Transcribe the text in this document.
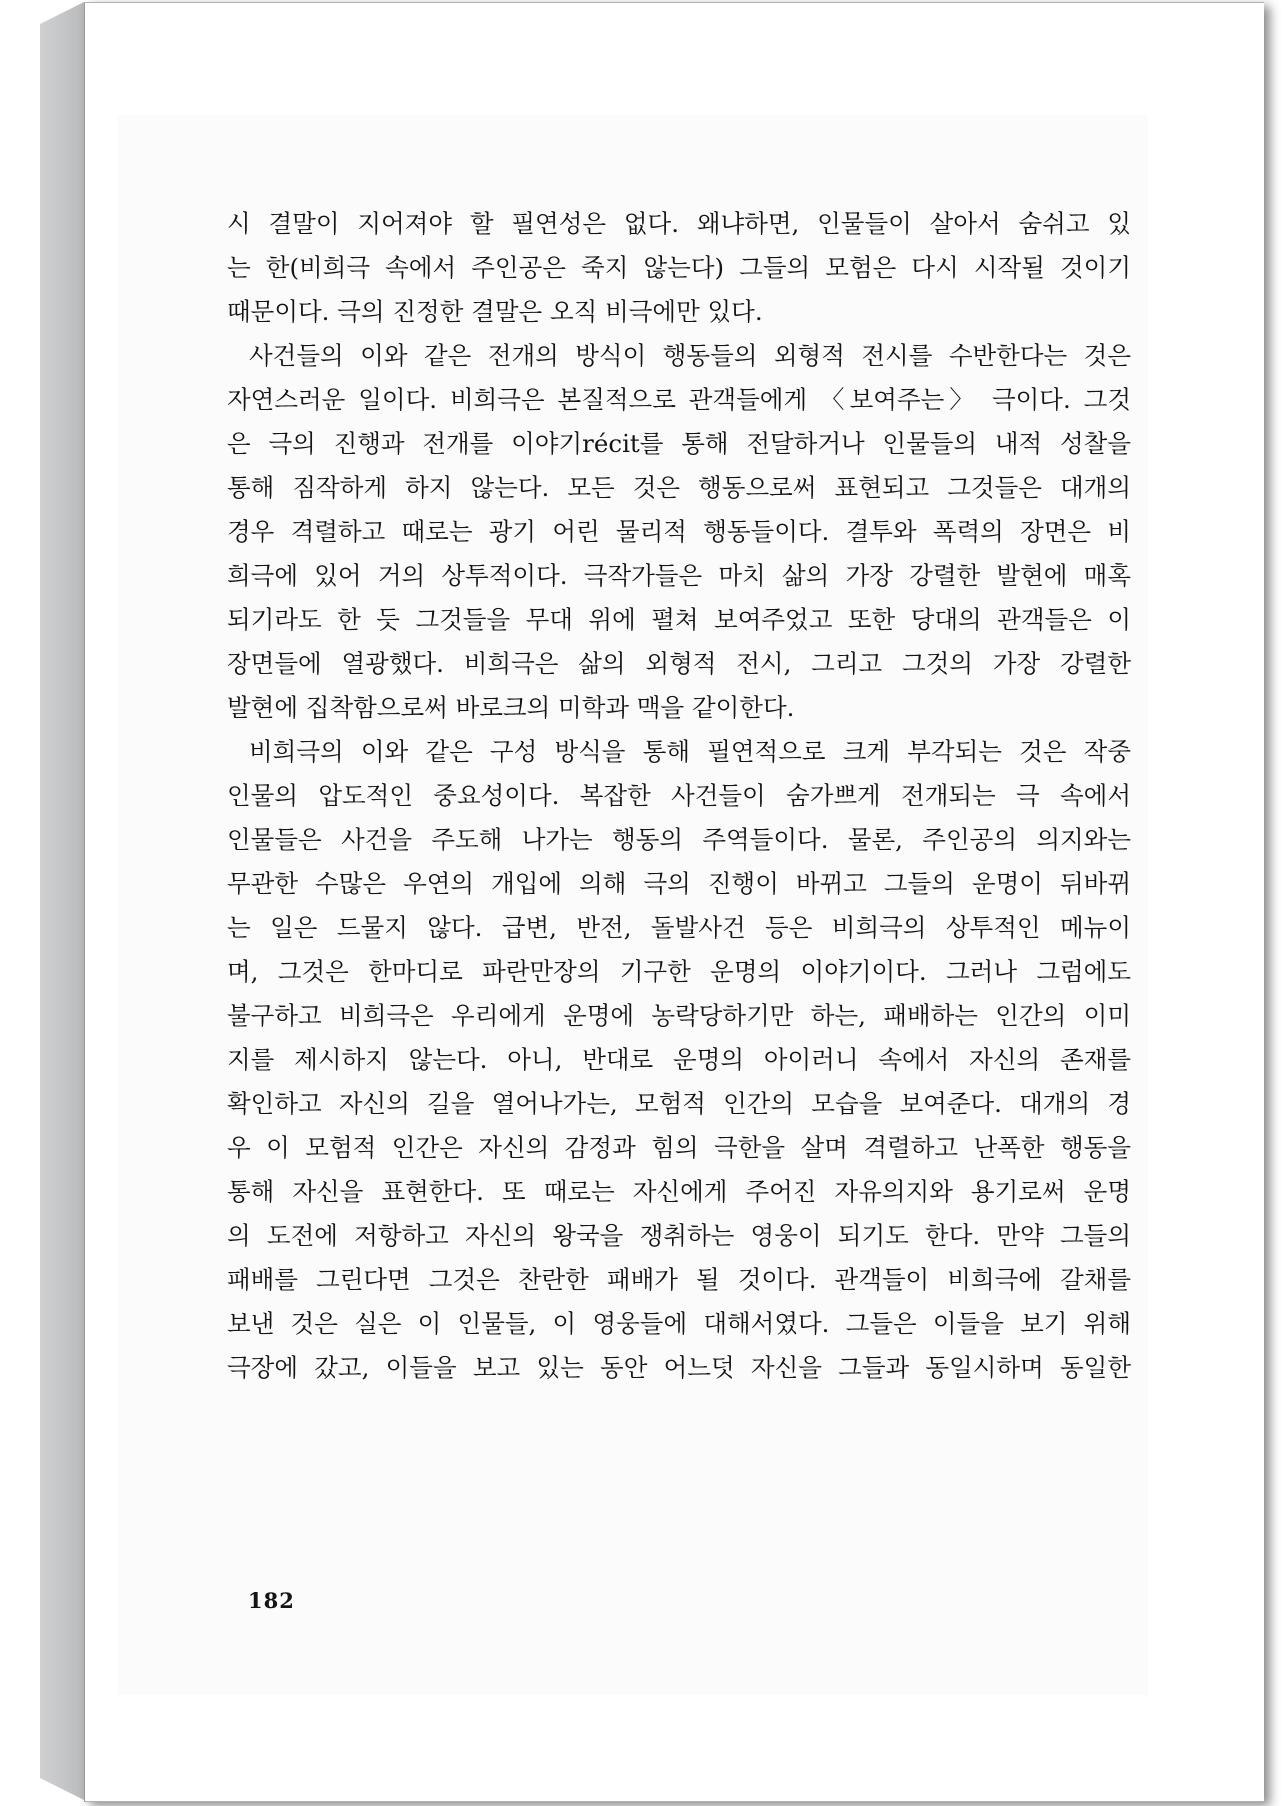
시 결말이 지어져야 할 필연성은 없다. 왜냐하면, 인물들이 살아서 숨쉬고 있
는 한(비희극 속에서 주인공은 죽지 않는다) 그들의 모험은 다시 시작될 것이기
때문이다. 극의 진정한 결말은 오직 비극에만 있다.
사건들의 이와 같은 전개의 방식이 행동들의 외형적 전시를 수반한다는 것은
자연스러운 일이다. 비희극은 본질적으로 관객들에게 〈보여주는〉 극이다. 그것
은 극의 진행과 전개를 이야기récit를 통해 전달하거나 인물들의 내적 성찰을
통해 짐작하게 하지 않는다. 모든 것은 행동으로써 표현되고 그것들은 대개의
경우 격렬하고 때로는 광기 어린 물리적 행동들이다. 결투와 폭력의 장면은 비
희극에 있어 거의 상투적이다. 극작가들은 마치 삶의 가장 강렬한 발현에 매혹
되기라도 한 듯 그것들을 무대 위에 펼쳐 보여주었고 또한 당대의 관객들은 이
장면들에 열광했다. 비희극은 삶의 외형적 전시, 그리고 그것의 가장 강렬한
발현에 집착함으로써 바로크의 미학과 맥을 같이한다.
비희극의 이와 같은 구성 방식을 통해 필연적으로 크게 부각되는 것은 작중
인물의 압도적인 중요성이다. 복잡한 사건들이 숨가쁘게 전개되는 극 속에서
인물들은 사건을 주도해 나가는 행동의 주역들이다. 물론, 주인공의 의지와는
무관한 수많은 우연의 개입에 의해 극의 진행이 바뀌고 그들의 운명이 뒤바뀌
는 일은 드물지 않다. 급변, 반전, 돌발사건 등은 비희극의 상투적인 메뉴이
며, 그것은 한마디로 파란만장의 기구한 운명의 이야기이다. 그러나 그럼에도
불구하고 비희극은 우리에게 운명에 농락당하기만 하는, 패배하는 인간의 이미
지를 제시하지 않는다. 아니, 반대로 운명의 아이러니 속에서 자신의 존재를
확인하고 자신의 길을 열어나가는, 모험적 인간의 모습을 보여준다. 대개의 경
우 이 모험적 인간은 자신의 감정과 힘의 극한을 살며 격렬하고 난폭한 행동을
통해 자신을 표현한다. 또 때로는 자신에게 주어진 자유의지와 용기로써 운명
의 도전에 저항하고 자신의 왕국을 쟁취하는 영웅이 되기도 한다. 만약 그들의
패배를 그린다면 그것은 찬란한 패배가 될 것이다. 관객들이 비희극에 갈채를
보낸 것은 실은 이 인물들, 이 영웅들에 대해서였다. 그들은 이들을 보기 위해
극장에 갔고, 이들을 보고 있는 동안 어느덧 자신을 그들과 동일시하며 동일한
182
